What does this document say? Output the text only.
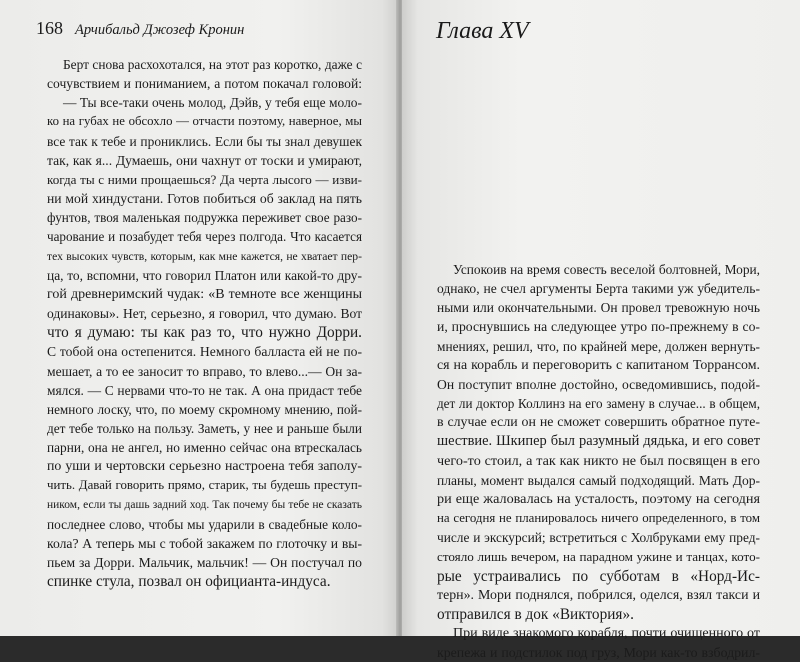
168 Арчибальд Джозеф Кронин
Берт снова расхохотался, на этот раз коротко, даже с
сочувствием и пониманием, а потом покачал головой:
— Ты все-таки очень молод, Дэйв, у тебя еще моло-
ко на губах не обсохло — отчасти поэтому, наверное, мы
все так к тебе и прониклись. Если бы ты знал девушек
так, как я... Думаешь, они чахнут от тоски и умирают,
когда ты с ними прощаешься? Да черта лысого — изви-
ни мой хиндустани. Готов побиться об заклад на пять
фунтов, твоя маленькая подружка переживет свое разо-
чарование и позабудет тебя через полгода. Что касается
тех высоких чувств, которым, как мне кажется, не хватает пер-
ца, то, вспомни, что говорил Платон или какой-то дру-
гой древнеримский чудак: «В темноте все женщины
одинаковы». Нет, серьезно, я говорил, что думаю. Вот
что я думаю: ты как раз то, что нужно Дорри.
С тобой она остепенится. Немного балласта ей не по-
мешает, а то ее заносит то вправо, то влево...— Он за-
мялся. — С нервами что-то не так. А она придаст тебе
немного лоску, что, по моему скромному мнению, пой-
дет тебе только на пользу. Заметь, у нее и раньше были
парни, она не ангел, но именно сейчас она втрескалась
по уши и чертовски серьезно настроена тебя заполу-
чить. Давай говорить прямо, старик, ты будешь преступ-
ником, если ты дашь задний ход. Так почему бы тебе не сказать
последнее слово, чтобы мы ударили в свадебные коло-
кола? А теперь мы с тобой закажем по глоточку и вы-
пьем за Дорри. Мальчик, мальчик! — Он постучал по
спинке стула, позвал он официанта-индуса.
Глава XV
Успокоив на время совесть веселой болтовней, Мори,
однако, не счел аргументы Берта такими уж убедитель-
ными или окончательными. Он провел тревожную ночь
и, проснувшись на следующее утро по-прежнему в со-
мнениях, решил, что, по крайней мере, должен вернуть-
ся на корабль и переговорить с капитаном Торрансом.
Он поступит вполне достойно, осведомившись, подой-
дет ли доктор Коллинз на его замену в случае... в общем,
в случае если он не сможет совершить обратное путе-
шествие. Шкипер был разумный дядька, и его совет
чего-то стоил, а так как никто не был посвящен в его
планы, момент выдался самый подходящий. Мать Дор-
ри еще жаловалась на усталость, поэтому на сегодня
на сегодня не планировалось ничего определенного, в том
числе и экскурсий; встретиться с Холбруками ему пред-
стояло лишь вечером, на парадном ужине и танцах, кото-
рые устраивались по субботам в «Норд-Ис-
терн». Мори поднялся, побрился, оделся, взял такси и
отправился в док «Виктория».
При виде знакомого корабля, почти очищенного от
крепежа и подстилок под груз, Мори как-то взбодрил-
